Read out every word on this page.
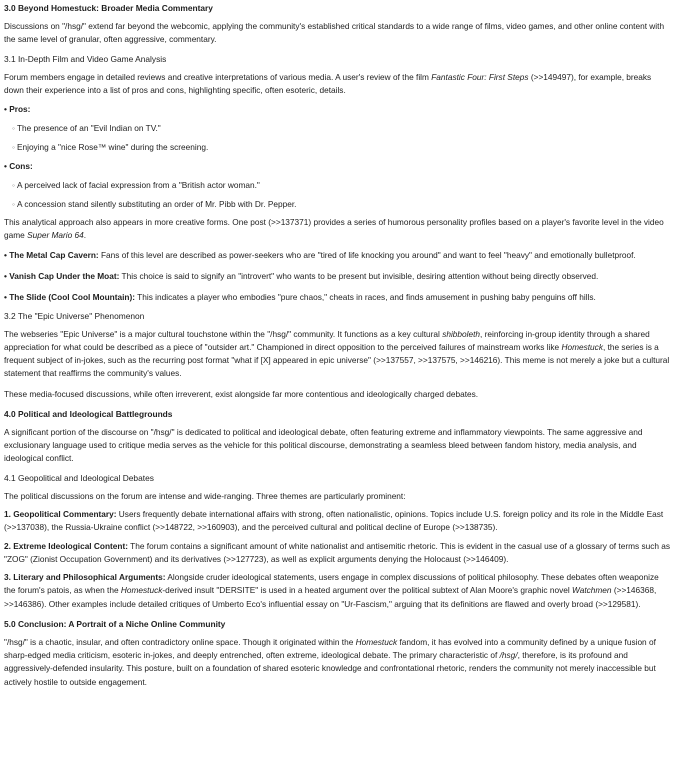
3.0 Beyond Homestuck: Broader Media Commentary

Discussions on "/hsg/" extend far beyond the webcomic, applying the community's established critical standards to a wide range of films, video games, and other online content with the same level of granular, often aggressive, commentary.

3.1 In-Depth Film and Video Game Analysis

Forum members engage in detailed reviews and creative interpretations of various media. A user's review of the film Fantastic Four: First Steps (>>149497), for example, breaks down their experience into a list of pros and cons, highlighting specific, often esoteric, details.

• Pros:
◦ The presence of an "Evil Indian on TV."
◦ Enjoying a "nice Rose™ wine" during the screening.
• Cons:
◦ A perceived lack of facial expression from a "British actor woman."
◦ A concession stand silently substituting an order of Mr. Pibb with Dr. Pepper.

This analytical approach also appears in more creative forms. One post (>>137371) provides a series of humorous personality profiles based on a player's favorite level in the video game Super Mario 64.

• The Metal Cap Cavern: Fans of this level are described as power-seekers who are "tired of life knocking you around" and want to feel "heavy" and emotionally bulletproof.
• Vanish Cap Under the Moat: This choice is said to signify an "introvert" who wants to be present but invisible, desiring attention without being directly observed.
• The Slide (Cool Cool Mountain): This indicates a player who embodies "pure chaos," cheats in races, and finds amusement in pushing baby penguins off hills.
3.2 The "Epic Universe" Phenomenon

The webseries "Epic Universe" is a major cultural touchstone within the "/hsg/" community. It functions as a key cultural shibboleth, reinforcing in-group identity through a shared appreciation for what could be described as a piece of "outsider art." Championed in direct opposition to the perceived failures of mainstream works like Homestuck, the series is a frequent subject of in-jokes, such as the recurring post format "what if [X] appeared in epic universe" (>>137557, >>137575, >>146216). This meme is not merely a joke but a cultural statement that reaffirms the community's values.

These media-focused discussions, while often irreverent, exist alongside far more contentious and ideologically charged debates.

4.0 Political and Ideological Battlegrounds

A significant portion of the discourse on "/hsg/" is dedicated to political and ideological debate, often featuring extreme and inflammatory viewpoints. The same aggressive and exclusionary language used to critique media serves as the vehicle for this political discourse, demonstrating a seamless bleed between fandom history, media analysis, and ideological conflict.

4.1 Geopolitical and Ideological Debates

The political discussions on the forum are intense and wide-ranging. Three themes are particularly prominent:

1. Geopolitical Commentary: Users frequently debate international affairs with strong, often nationalistic, opinions. Topics include U.S. foreign policy and its role in the Middle East (>>137038), the Russia-Ukraine conflict (>>148722, >>160903), and the perceived cultural and political decline of Europe (>>138735).

2. Extreme Ideological Content: The forum contains a significant amount of white nationalist and antisemitic rhetoric. This is evident in the casual use of a glossary of terms such as "ZOG" (Zionist Occupation Government) and its derivatives (>>127723), as well as explicit arguments denying the Holocaust (>>146409).

3. Literary and Philosophical Arguments: Alongside cruder ideological statements, users engage in complex discussions of political philosophy. These debates often weaponize the forum's patois, as when the Homestuck-derived insult "DERSITE" is used in a heated argument over the political subtext of Alan Moore's graphic novel Watchmen (>>146368, >>146386). Other examples include detailed critiques of Umberto Eco's influential essay on "Ur-Fascism," arguing that its definitions are flawed and overly broad (>>129581).

5.0 Conclusion: A Portrait of a Niche Online Community

"/hsg/" is a chaotic, insular, and often contradictory online space. Though it originated within the Homestuck fandom, it has evolved into a community defined by a unique fusion of sharp-edged media criticism, esoteric in-jokes, and deeply entrenched, often extreme, ideological debate. The primary characteristic of /hsg/, therefore, is its profound and aggressively-defended insularity. This posture, built on a foundation of shared esoteric knowledge and confrontational rhetoric, renders the community not merely inaccessible but actively hostile to outside engagement.
